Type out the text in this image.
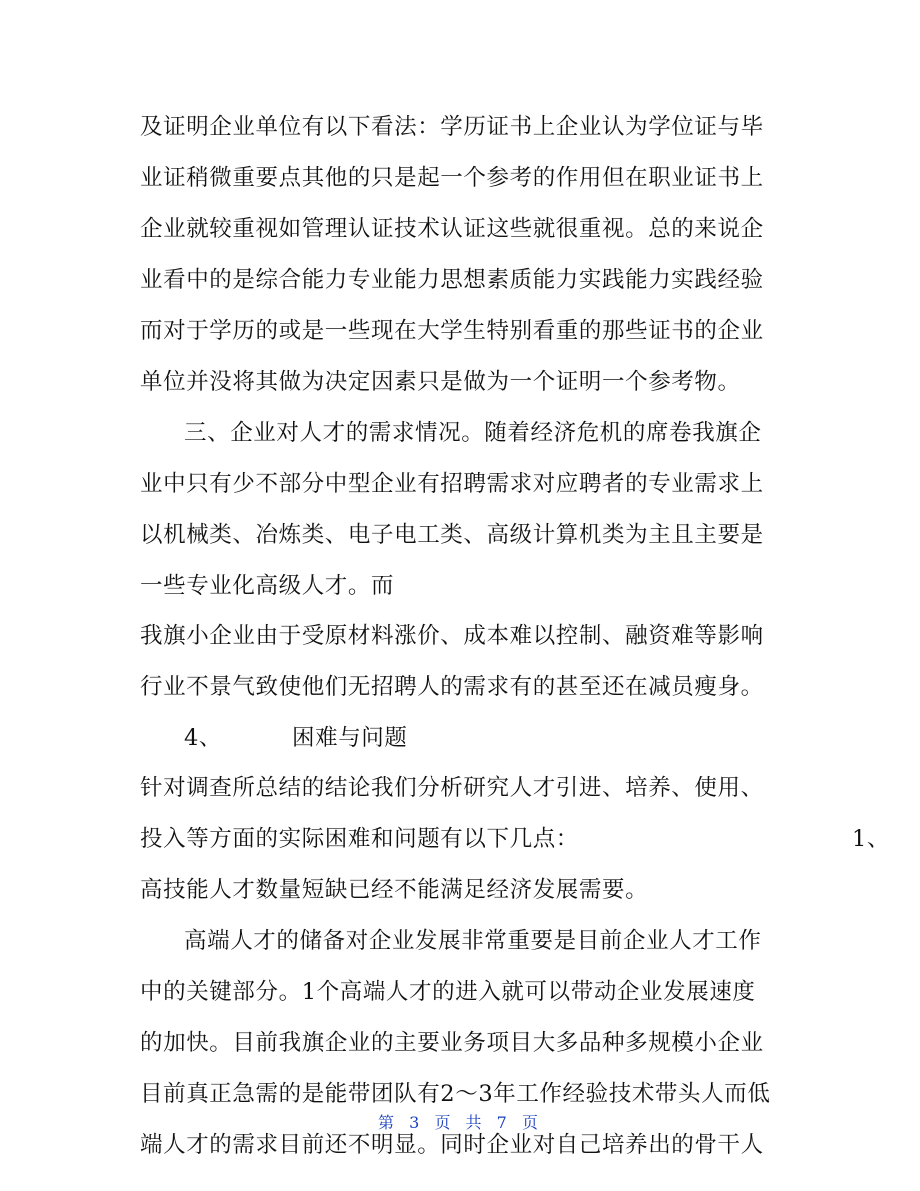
及证明企业单位有以下看法：学历证书上企业认为学位证与毕
业证稍微重要点其他的只是起一个参考的作用但在职业证书上
企业就较重视如管理认证技术认证这些就很重视。总的来说企
业看中的是综合能力专业能力思想素质能力实践能力实践经验
而对于学历的或是一些现在大学生特别看重的那些证书的企业
单位并没将其做为决定因素只是做为一个证明一个参考物。
三、企业对人才的需求情况。随着经济危机的席卷我旗企
业中只有少不部分中型企业有招聘需求对应聘者的专业需求上
以机械类、冶炼类、电子电工类、高级计算机类为主且主要是
一些专业化高级人才。而
我旗小企业由于受原材料涨价、成本难以控制、融资难等影响
行业不景气致使他们无招聘人的需求有的甚至还在减员瘦身。
4、	困难与问题
针对调查所总结的结论我们分析研究人才引进、培养、使用、
投入等方面的实际困难和问题有以下几点：	1、
高技能人才数量短缺已经不能满足经济发展需要。
高端人才的储备对企业发展非常重要是目前企业人才工作
中的关键部分。1个高端人才的进入就可以带动企业发展速度
的加快。目前我旗企业的主要业务项目大多品种多规模小企业
目前真正急需的是能带团队有2～3年工作经验技术带头人而低
端人才的需求目前还不明显。同时企业对自己培养出的骨干人
第 3 页 共 7 页
